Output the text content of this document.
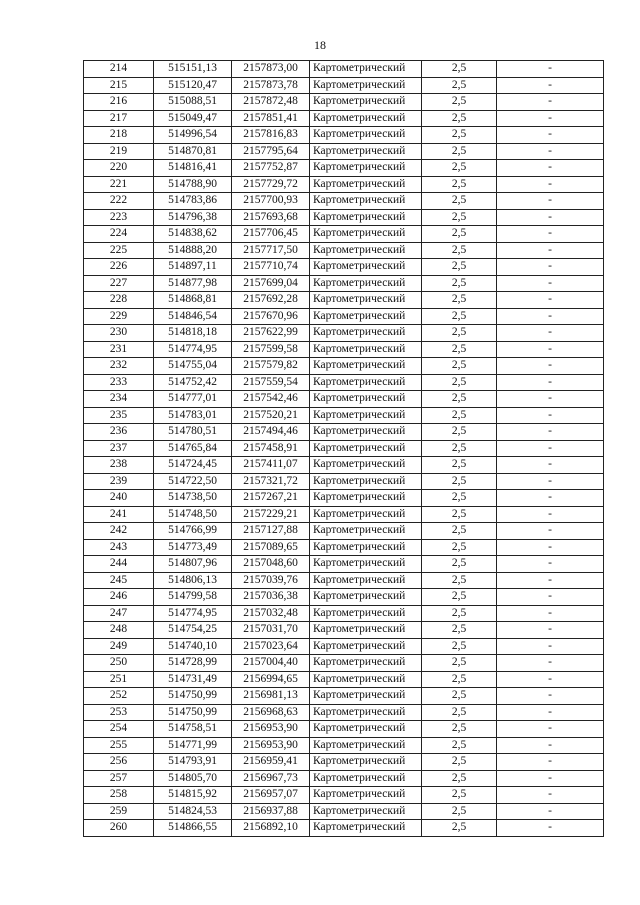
18
214	515151,13	2157873,00	Картометрический	2,5	-
215	515120,47	2157873,78	Картометрический	2,5	-
216	515088,51	2157872,48	Картометрический	2,5	-
217	515049,47	2157851,41	Картометрический	2,5	-
218	514996,54	2157816,83	Картометрический	2,5	-
219	514870,81	2157795,64	Картометрический	2,5	-
220	514816,41	2157752,87	Картометрический	2,5	-
221	514788,90	2157729,72	Картометрический	2,5	-
222	514783,86	2157700,93	Картометрический	2,5	-
223	514796,38	2157693,68	Картометрический	2,5	-
224	514838,62	2157706,45	Картометрический	2,5	-
225	514888,20	2157717,50	Картометрический	2,5	-
226	514897,11	2157710,74	Картометрический	2,5	-
227	514877,98	2157699,04	Картометрический	2,5	-
228	514868,81	2157692,28	Картометрический	2,5	-
229	514846,54	2157670,96	Картометрический	2,5	-
230	514818,18	2157622,99	Картометрический	2,5	-
231	514774,95	2157599,58	Картометрический	2,5	-
232	514755,04	2157579,82	Картометрический	2,5	-
233	514752,42	2157559,54	Картометрический	2,5	-
234	514777,01	2157542,46	Картометрический	2,5	-
235	514783,01	2157520,21	Картометрический	2,5	-
236	514780,51	2157494,46	Картометрический	2,5	-
237	514765,84	2157458,91	Картометрический	2,5	-
238	514724,45	2157411,07	Картометрический	2,5	-
239	514722,50	2157321,72	Картометрический	2,5	-
240	514738,50	2157267,21	Картометрический	2,5	-
241	514748,50	2157229,21	Картометрический	2,5	-
242	514766,99	2157127,88	Картометрический	2,5	-
243	514773,49	2157089,65	Картометрический	2,5	-
244	514807,96	2157048,60	Картометрический	2,5	-
245	514806,13	2157039,76	Картометрический	2,5	-
246	514799,58	2157036,38	Картометрический	2,5	-
247	514774,95	2157032,48	Картометрический	2,5	-
248	514754,25	2157031,70	Картометрический	2,5	-
249	514740,10	2157023,64	Картометрический	2,5	-
250	514728,99	2157004,40	Картометрический	2,5	-
251	514731,49	2156994,65	Картометрический	2,5	-
252	514750,99	2156981,13	Картометрический	2,5	-
253	514750,99	2156968,63	Картометрический	2,5	-
254	514758,51	2156953,90	Картометрический	2,5	-
255	514771,99	2156953,90	Картометрический	2,5	-
256	514793,91	2156959,41	Картометрический	2,5	-
257	514805,70	2156967,73	Картометрический	2,5	-
258	514815,92	2156957,07	Картометрический	2,5	-
259	514824,53	2156937,88	Картометрический	2,5	-
260	514866,55	2156892,10	Картометрический	2,5	-
